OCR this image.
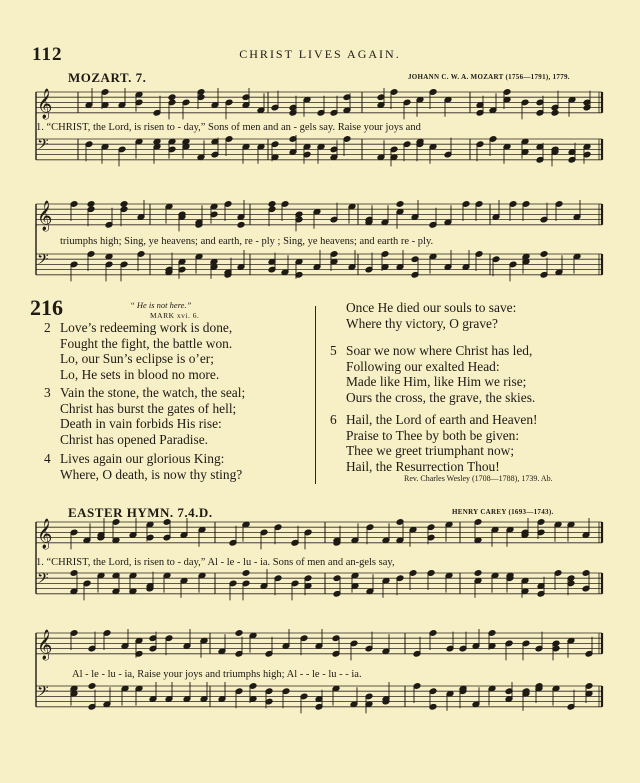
112	CHRIST LIVES AGAIN.
MOZART. 7.	JOHANN C. W. A. MOZART (1756—1791), 1779.
𝄞
𝄢
𝄞
𝄢
𝄞
𝄢
𝄞
𝄢
1. “CHRIST, the Lord, is risen to - day,” Sons of men and an - gels say. Raise your joys and
triumphs high; Sing, ye heavens; and earth, re - ply ; Sing, ye heavens; and earth re - ply.
216	“ He is not here.”
MARK xvi. 6.
2 Love’s redeeming work is done,
Fought the fight, the battle won.
Lo, our Sun’s eclipse is o’er;
Lo, He sets in blood no more.
3 Vain the stone, the watch, the seal;
Christ has burst the gates of hell;
Death in vain forbids His rise:
Christ has opened Paradise.
4 Lives again our glorious King:
Where, O death, is now thy sting?
Once He died our souls to save:
Where thy victory, O grave?
5 Soar we now where Christ has led,
Following our exalted Head:
Made like Him, like Him we rise;
Ours the cross, the grave, the skies.
6 Hail, the Lord of earth and Heaven!
Praise to Thee by both be given:
Thee we greet triumphant now;
Hail, the Resurrection Thou!
Rev. Charles Wesley (1708—1788), 1739. Ab.
EASTER HYMN. 7.4.D.	HENRY CAREY (1693—1743).
1. “CHRIST, the Lord, is risen to - day,” Al - le - lu - ia. Sons of men and an-gels say,
Al - le - lu - ia, Raise your joys and triumphs high; Al - - le - lu - - ia.
